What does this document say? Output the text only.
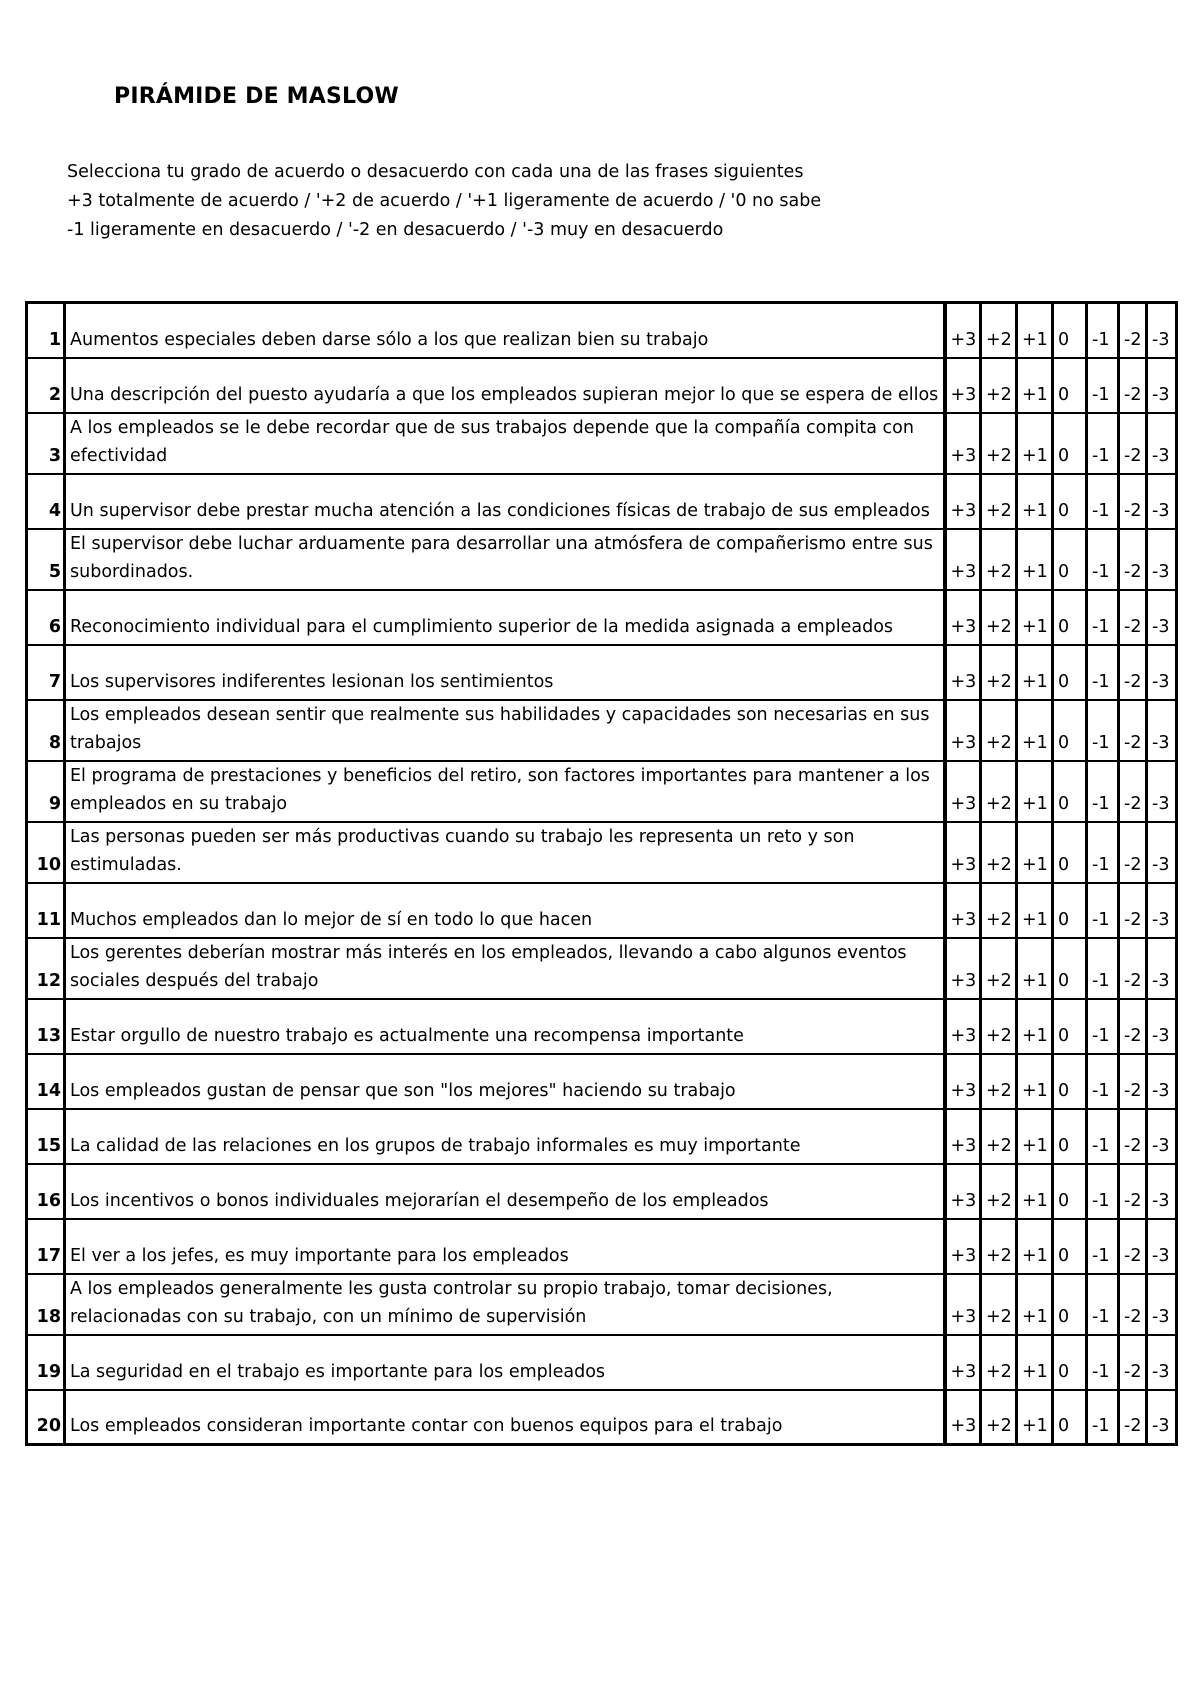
PIRÁMIDE DE MASLOW
Selecciona tu grado de acuerdo o desacuerdo con cada una de las frases siguientes
+3 totalmente de acuerdo / '+2 de acuerdo / '+1 ligeramente de acuerdo / '0 no sabe
-1 ligeramente en desacuerdo / '-2 en desacuerdo / '-3 muy en desacuerdo
1	Aumentos especiales deben darse sólo a los que realizan bien su trabajo	+3	+2	+1	0	-1	-2	-3
2	Una descripción del puesto ayudaría a que los empleados supieran mejor lo que se espera de ellos	+3	+2	+1	0	-1	-2	-3
3	A los empleados se le debe recordar que de sus trabajos depende que la compañía compita con efectividad	+3	+2	+1	0	-1	-2	-3
4	Un supervisor debe prestar mucha atención a las condiciones físicas de trabajo de sus empleados	+3	+2	+1	0	-1	-2	-3
5	El supervisor debe luchar arduamente para desarrollar una atmósfera de compañerismo entre sus subordinados.	+3	+2	+1	0	-1	-2	-3
6	Reconocimiento individual para el cumplimiento superior de la medida asignada a empleados	+3	+2	+1	0	-1	-2	-3
7	Los supervisores indiferentes lesionan los sentimientos	+3	+2	+1	0	-1	-2	-3
8	Los empleados desean sentir que realmente sus habilidades y capacidades son necesarias en sus trabajos	+3	+2	+1	0	-1	-2	-3
9	El programa de prestaciones y beneficios del retiro, son factores importantes para mantener a los empleados en su trabajo	+3	+2	+1	0	-1	-2	-3
10	Las personas pueden ser más productivas cuando su trabajo les representa un reto y son estimuladas.	+3	+2	+1	0	-1	-2	-3
11	Muchos empleados dan lo mejor de sí en todo lo que hacen	+3	+2	+1	0	-1	-2	-3
12	Los gerentes deberían mostrar más interés en los empleados, llevando a cabo algunos eventos sociales después del trabajo	+3	+2	+1	0	-1	-2	-3
13	Estar orgullo de nuestro trabajo es actualmente una recompensa importante	+3	+2	+1	0	-1	-2	-3
14	Los empleados gustan de pensar que son "los mejores" haciendo su trabajo	+3	+2	+1	0	-1	-2	-3
15	La calidad de las relaciones en los grupos de trabajo informales es muy importante	+3	+2	+1	0	-1	-2	-3
16	Los incentivos o bonos individuales mejorarían el desempeño de los empleados	+3	+2	+1	0	-1	-2	-3
17	El ver a los jefes, es muy importante para los empleados	+3	+2	+1	0	-1	-2	-3
18	A los empleados generalmente les gusta controlar su propio trabajo, tomar decisiones, relacionadas con su trabajo, con un mínimo de supervisión	+3	+2	+1	0	-1	-2	-3
19	La seguridad en el trabajo es importante para los empleados	+3	+2	+1	0	-1	-2	-3
20	Los empleados consideran importante contar con buenos equipos para el trabajo	+3	+2	+1	0	-1	-2	-3
